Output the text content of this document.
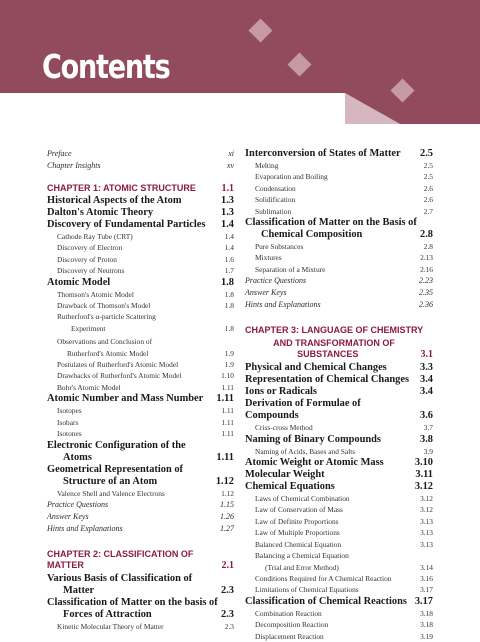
Contents
Preface	xi
Chapter Insights	xv
CHAPTER 1: ATOMIC STRUCTURE	1.1
Historical Aspects of the Atom	1.3
Dalton's Atomic Theory	1.3
Discovery of Fundamental Particles	1.4
Cathode Ray Tube (CRT)	1.4
Discovery of Electron	1.4
Discovery of Proton	1.6
Discovery of Neutrons	1.7
Atomic Model	1.8
Thomson's Atomic Model	1.8
Drawback of Thomson's Model	1.8
Rutherford's α-particle Scattering
Experiment	1.8
Observations and Conclusion of
Rutherford's Atomic Model	1.9
Postulates of Rutherford's Atomic Model	1.9
Drawbacks of Rutherford's Atomic Model	1.10
Bohr's Atomic Model	1.11
Atomic Number and Mass Number	1.11
Isotopes	1.11
Isobars	1.11
Isotones	1.11
Electronic Configuration of the
Atoms	1.11
Geometrical Representation of
Structure of an Atom	1.12
Valence Shell and Valence Electrons	1.12
Practice Questions	1.15
Answer Keys	1.26
Hints and Explanations	1.27
CHAPTER 2: CLASSIFICATION OF MATTER	2.1
Various Basis of Classification of
Matter	2.3
Classification of Matter on the basis of
Forces of Attraction	2.3
Kinetic Molecular Theory of Matter	2.3
Interconversion of States of Matter	2.5
Melting	2.5
Evaporation and Boiling	2.5
Condensation	2.6
Solidification	2.6
Sublimation	2.7
Classification of Matter on the Basis of
Chemical Composition	2.8
Pure Substances	2.8
Mixtures	2.13
Separation of a Mixture	2.16
Practice Questions	2.23
Answer Keys	2.35
Hints and Explanations	2.36
CHAPTER 3: LANGUAGE OF CHEMISTRY
AND TRANSFORMATION OF
SUBSTANCES	3.1
Physical and Chemical Changes	3.3
Representation of Chemical Changes	3.4
Ions or Radicals	3.4
Derivation of Formulae of Compounds	3.6
Criss-cross Method	3.7
Naming of Binary Compounds	3.8
Naming of Acids, Bases and Salts	3.9
Atomic Weight or Atomic Mass	3.10
Molecular Weight	3.11
Chemical Equations	3.12
Laws of Chemical Combination	3.12
Law of Conservation of Mass	3.12
Law of Definite Proportions	3.13
Law of Multiple Proportions	3.13
Balanced Chemical Equation	3.13
Balancing a Chemical Equation
(Trial and Error Method)	3.14
Conditions Required for A Chemical Reaction	3.16
Limitations of Chemical Equations	3.17
Classification of Chemical Reactions 3.17
Combination Reaction	3.18
Decomposition Reaction	3.18
Displacement Reaction	3.19
